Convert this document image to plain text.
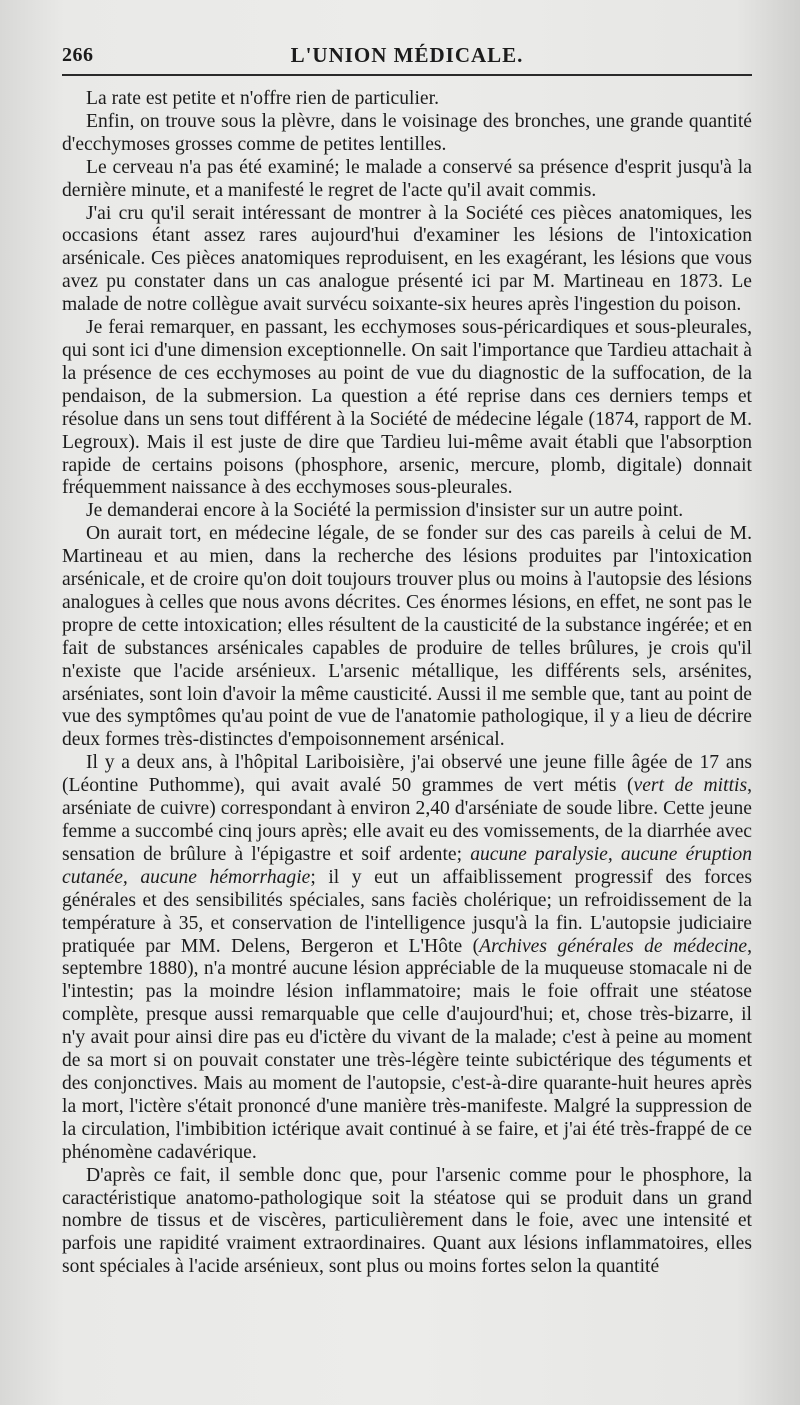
266	L'UNION MÉDICALE.

La rate est petite et n'offre rien de particulier.

Enfin, on trouve sous la plèvre, dans le voisinage des bronches, une grande quantité d'ecchymoses grosses comme de petites lentilles.

Le cerveau n'a pas été examiné; le malade a conservé sa présence d'esprit jusqu'à la dernière minute, et a manifesté le regret de l'acte qu'il avait commis.

J'ai cru qu'il serait intéressant de montrer à la Société ces pièces anatomiques, les occasions étant assez rares aujourd'hui d'examiner les lésions de l'intoxication arsénicale. Ces pièces anatomiques reproduisent, en les exagérant, les lésions que vous avez pu constater dans un cas analogue présenté ici par M. Martineau en 1873. Le malade de notre collègue avait survécu soixante-six heures après l'ingestion du poison.

Je ferai remarquer, en passant, les ecchymoses sous-péricardiques et sous-pleurales, qui sont ici d'une dimension exceptionnelle. On sait l'importance que Tardieu attachait à la présence de ces ecchymoses au point de vue du diagnostic de la suffocation, de la pendaison, de la submersion. La question a été reprise dans ces derniers temps et résolue dans un sens tout différent à la Société de médecine légale (1874, rapport de M. Legroux). Mais il est juste de dire que Tardieu lui-même avait établi que l'absorption rapide de certains poisons (phosphore, arsenic, mercure, plomb, digitale) donnait fréquemment naissance à des ecchymoses sous-pleurales.

Je demanderai encore à la Société la permission d'insister sur un autre point.

On aurait tort, en médecine légale, de se fonder sur des cas pareils à celui de M. Martineau et au mien, dans la recherche des lésions produites par l'intoxication arsénicale, et de croire qu'on doit toujours trouver plus ou moins à l'autopsie des lésions analogues à celles que nous avons décrites. Ces énormes lésions, en effet, ne sont pas le propre de cette intoxication; elles résultent de la causticité de la substance ingérée; et en fait de substances arsénicales capables de produire de telles brûlures, je crois qu'il n'existe que l'acide arsénieux. L'arsenic métallique, les différents sels, arsénites, arséniates, sont loin d'avoir la même causticité. Aussi il me semble que, tant au point de vue des symptômes qu'au point de vue de l'anatomie pathologique, il y a lieu de décrire deux formes très-distinctes d'empoisonnement arsénical.

Il y a deux ans, à l'hôpital Lariboisière, j'ai observé une jeune fille âgée de 17 ans (Léontine Puthomme), qui avait avalé 50 grammes de vert métis (vert de mittis, arséniate de cuivre) correspondant à environ 2,40 d'arséniate de soude libre. Cette jeune femme a succombé cinq jours après; elle avait eu des vomissements, de la diarrhée avec sensation de brûlure à l'épigastre et soif ardente; aucune paralysie, aucune éruption cutanée, aucune hémorrhagie; il y eut un affaiblissement progressif des forces générales et des sensibilités spéciales, sans faciès cholérique; un refroidissement de la température à 35, et conservation de l'intelligence jusqu'à la fin. L'autopsie judiciaire pratiquée par MM. Delens, Bergeron et L'Hôte (Archives générales de médecine, septembre 1880), n'a montré aucune lésion appréciable de la muqueuse stomacale ni de l'intestin; pas la moindre lésion inflammatoire; mais le foie offrait une stéatose complète, presque aussi remarquable que celle d'aujourd'hui; et, chose très-bizarre, il n'y avait pour ainsi dire pas eu d'ictère du vivant de la malade; c'est à peine au moment de sa mort si on pouvait constater une très-légère teinte subictérique des téguments et des conjonctives. Mais au moment de l'autopsie, c'est-à-dire quarante-huit heures après la mort, l'ictère s'était prononcé d'une manière très-manifeste. Malgré la suppression de la circulation, l'imbibition ictérique avait continué à se faire, et j'ai été très-frappé de ce phénomène cadavérique.

D'après ce fait, il semble donc que, pour l'arsenic comme pour le phosphore, la caractéristique anatomo-pathologique soit la stéatose qui se produit dans un grand nombre de tissus et de viscères, particulièrement dans le foie, avec une intensité et parfois une rapidité vraiment extraordinaires. Quant aux lésions inflammatoires, elles sont spéciales à l'acide arsénieux, sont plus ou moins fortes selon la quantité
